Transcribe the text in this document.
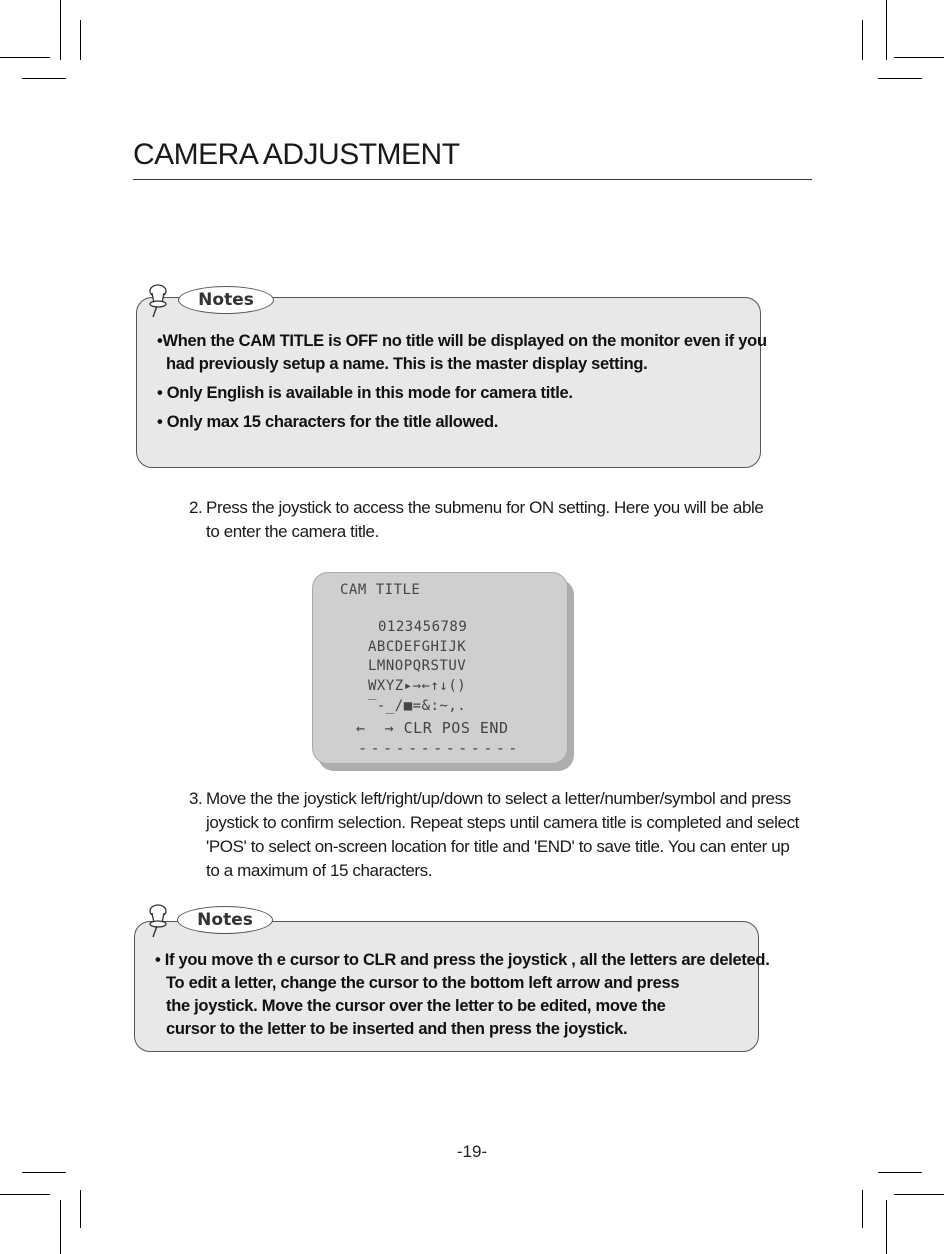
CAMERA ADJUSTMENT
Notes
•When the CAM TITLE is OFF no title will be displayed on the monitor even if you
had previously setup a name. This is the master display setting.
• Only English is available in this mode for camera title.
• Only max 15 characters for the title allowed.
2. Press the joystick to access the submenu for ON setting. Here you will be able
to enter the camera title.
CAM TITLE
0123456789
ABCDEFGHIJK
LMNOPQRSTUV
WXYZ▸→←↑↓()
‾-_/■=&:~,.
←  → CLR POS END
-------------
3. Move the the joystick left/right/up/down to select a letter/number/symbol and press
joystick to confirm selection. Repeat steps until camera title is completed and select
'POS' to select on-screen location for title and 'END' to save title. You can enter up
to a maximum of 15 characters.
Notes
• If you move th e cursor to CLR and press the joystick , all the letters are deleted.
To edit a letter, change the cursor to the bottom left arrow and press
the joystick. Move the cursor over the letter to be edited, move the
cursor to the letter to be inserted and then press the joystick.
-19-
